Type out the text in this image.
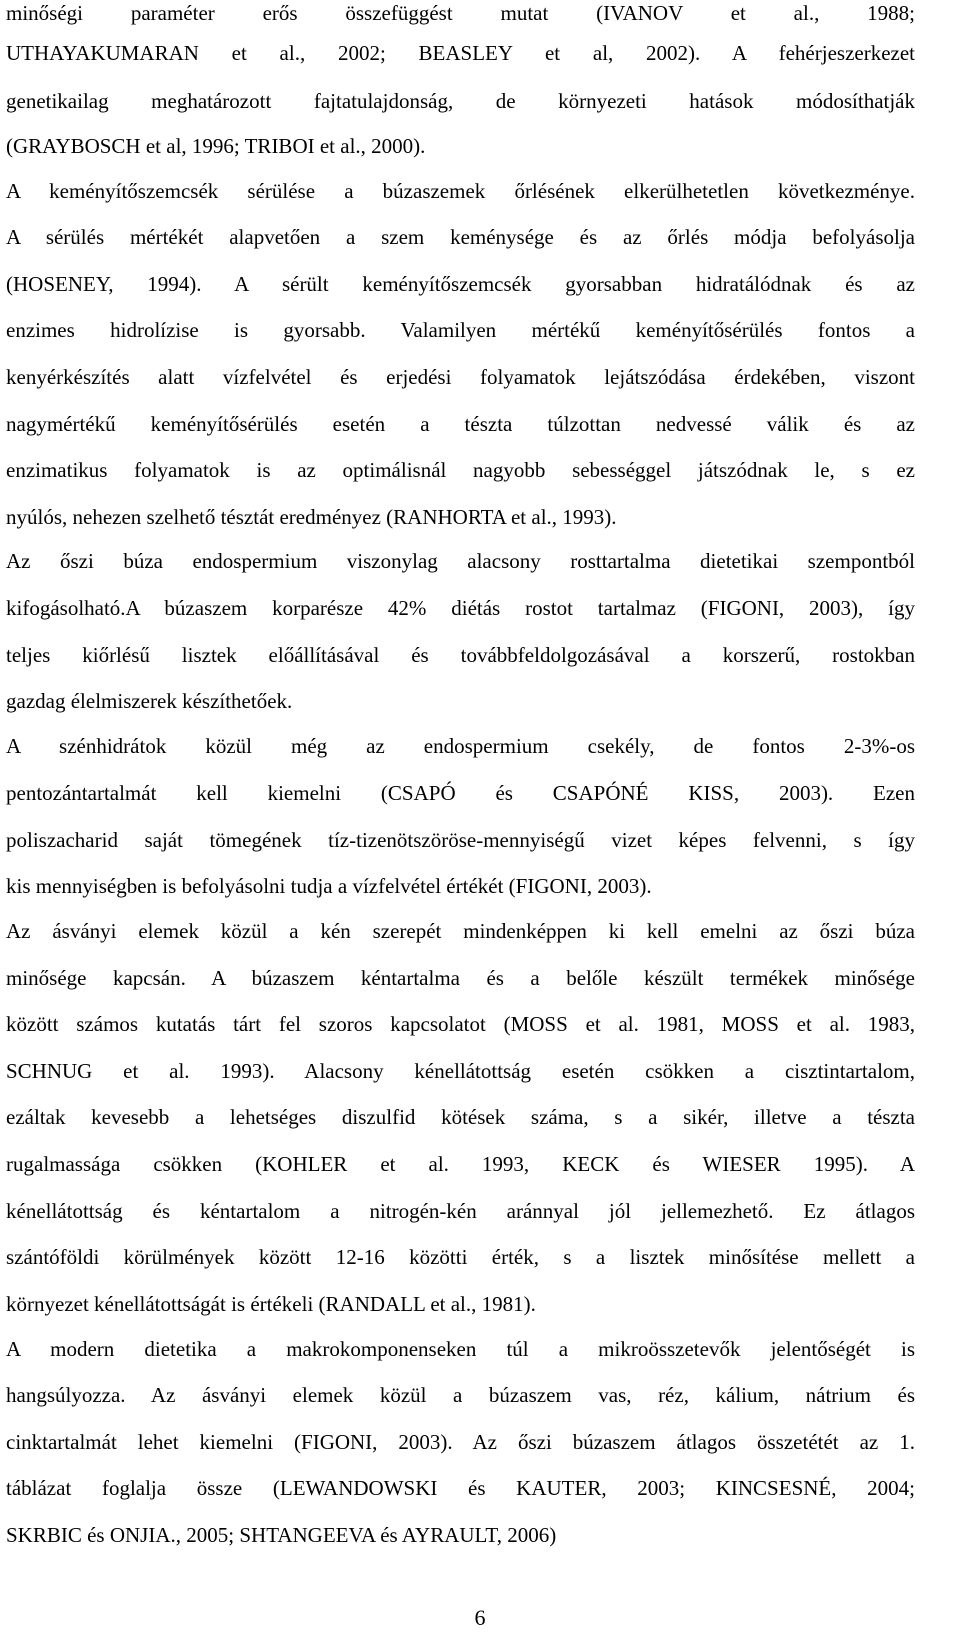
minőségi paraméter erős összefüggést mutat (IVANOV et al., 1988;
UTHAYAKUMARAN et al., 2002; BEASLEY et al, 2002). A fehérjeszerkezet
genetikailag meghatározott fajtatulajdonság, de környezeti hatások módosíthatják
(GRAYBOSCH et al, 1996; TRIBOI et al., 2000).
A keményítőszemcsék sérülése a búzaszemek őrlésének elkerülhetetlen következménye.
A sérülés mértékét alapvetően a szem keménysége és az őrlés módja befolyásolja
(HOSENEY, 1994). A sérült keményítőszemcsék gyorsabban hidratálódnak és az
enzimes hidrolízise is gyorsabb. Valamilyen mértékű keményítősérülés fontos a
kenyérkészítés alatt vízfelvétel és erjedési folyamatok lejátszódása érdekében, viszont
nagymértékű keményítősérülés esetén a tészta túlzottan nedvessé válik és az
enzimatikus folyamatok is az optimálisnál nagyobb sebességgel játszódnak le, s ez
nyúlós, nehezen szelhető tésztát eredményez (RANHORTA et al., 1993).
Az őszi búza endospermium viszonylag alacsony rosttartalma dietetikai szempontból
kifogásolható.A búzaszem korparésze 42% diétás rostot tartalmaz (FIGONI, 2003), így
teljes kiőrlésű lisztek előállításával és továbbfeldolgozásával a korszerű, rostokban
gazdag élelmiszerek készíthetőek.
A szénhidrátok közül még az endospermium csekély, de fontos 2-3%-os
pentozántartalmát kell kiemelni (CSAPÓ és CSAPÓNÉ KISS, 2003). Ezen
poliszacharid saját tömegének tíz-tizenötszöröse-mennyiségű vizet képes felvenni, s így
kis mennyiségben is befolyásolni tudja a vízfelvétel értékét (FIGONI, 2003).
Az ásványi elemek közül a kén szerepét mindenképpen ki kell emelni az őszi búza
minősége kapcsán. A búzaszem kéntartalma és a belőle készült termékek minősége
között számos kutatás tárt fel szoros kapcsolatot (MOSS et al. 1981, MOSS et al. 1983,
SCHNUG et al. 1993). Alacsony kénellátottság esetén csökken a cisztintartalom,
ezáltak kevesebb a lehetséges diszulfid kötések száma, s a sikér, illetve a tészta
rugalmassága csökken (KOHLER et al. 1993, KECK és WIESER 1995). A
kénellátottság és kéntartalom a nitrogén-kén aránnyal jól jellemezhető. Ez átlagos
szántóföldi körülmények között 12-16 közötti érték, s a lisztek minősítése mellett a
környezet kénellátottságát is értékeli (RANDALL et al., 1981).
A modern dietetika a makrokomponenseken túl a mikroösszetevők jelentőségét is
hangsúlyozza. Az ásványi elemek közül a búzaszem vas, réz, kálium, nátrium és
cinktartalmát lehet kiemelni (FIGONI, 2003). Az őszi búzaszem átlagos összetétét az 1.
táblázat foglalja össze (LEWANDOWSKI és KAUTER, 2003; KINCSESNÉ, 2004;
SKRBIC és ONJIA., 2005; SHTANGEEVA és AYRAULT, 2006)
6
